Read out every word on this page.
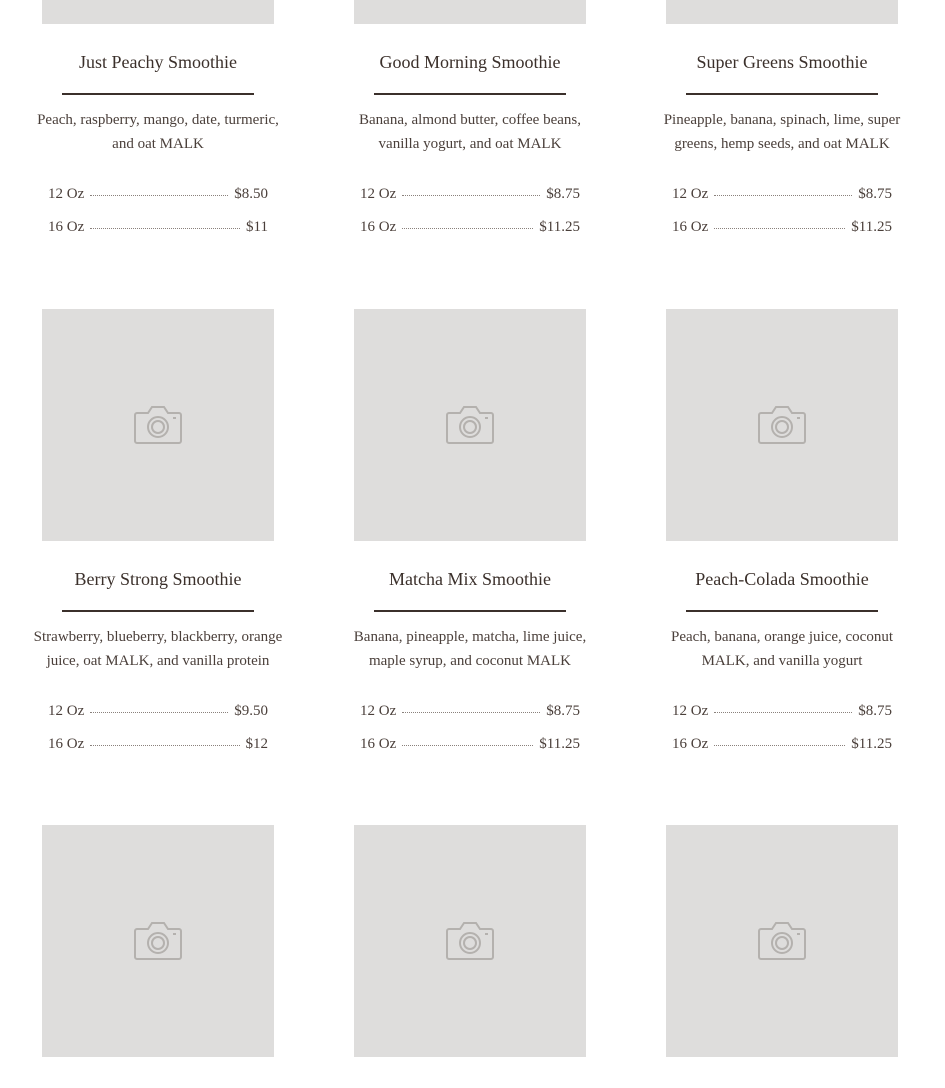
Just Peachy Smoothie
Peach, raspberry, mango, date, turmeric, and oat MALK
12 Oz	$8.50
16 Oz	$11
Good Morning Smoothie
Banana, almond butter, coffee beans, vanilla yogurt, and oat MALK
12 Oz	$8.75
16 Oz	$11.25
Super Greens Smoothie
Pineapple, banana, spinach, lime, super greens, hemp seeds, and oat MALK
12 Oz	$8.75
16 Oz	$11.25
Berry Strong Smoothie
Strawberry, blueberry, blackberry, orange juice, oat MALK, and vanilla protein
12 Oz	$9.50
16 Oz	$12
Matcha Mix Smoothie
Banana, pineapple, matcha, lime juice, maple syrup, and coconut MALK
12 Oz	$8.75
16 Oz	$11.25
Peach-Colada Smoothie
Peach, banana, orange juice, coconut MALK, and vanilla yogurt
12 Oz	$8.75
16 Oz	$11.25
